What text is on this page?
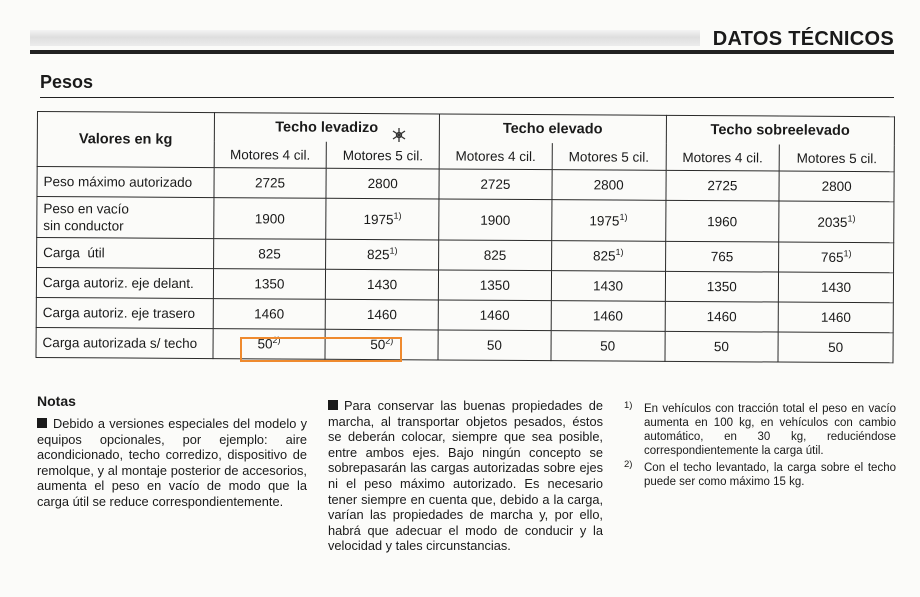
DATOS TÉCNICOS
Pesos
Valores en kg	Techo levadizo		Techo elevado		Techo sobreelevado	
	Motores 4 cil.	Motores 5 cil.	Motores 4 cil.	Motores 5 cil.	Motores 4 cil.	Motores 5 cil.
Peso máximo autorizado	2725	2800	2725	2800	2725	2800

Peso en vacío
sin conductor	1900	1975$^{1)}$	1900	1975$^{1)}$	1960	2035$^{1)}$
Carga  útil	825	825$^{1)}$	825	825$^{1)}$	765	765$^{1)}$
Carga autoriz. eje delant.	1350	1430	1350	1430	1350	1430
Carga autoriz. eje trasero	1460	1460	1460	1460	1460	1460
Carga autorizada s/ techo	50$^{2)}$	50$^{2)}$	50	50	50	50
Notas
Debido a versiones especiales del modelo y equipos opcionales, por ejemplo: aire acondicionado, techo corredizo, dispositivo de remolque, y al montaje posterior de accesorios, aumenta el peso en vacío de modo que la carga útil se reduce correspondientemente.
Para conservar las buenas propiedades de marcha, al transportar objetos pesados, éstos se deberán colocar, siempre que sea posible, entre ambos ejes. Bajo ningún concepto se sobrepasarán las cargas autorizadas sobre ejes ni el peso máximo autorizado. Es necesario tener siempre en cuenta que, debido a la carga, varían las propiedades de marcha y, por ello, habrá que adecuar el modo de conducir y la velocidad y tales circunstancias.
1) En vehículos con tracción total el peso en vacío aumenta en 100 kg, en vehículos con cambio automático, en 30 kg, reduciéndose correspondientemente la carga útil.
2) Con el techo levantado, la carga sobre el techo puede ser como máximo 15 kg.
